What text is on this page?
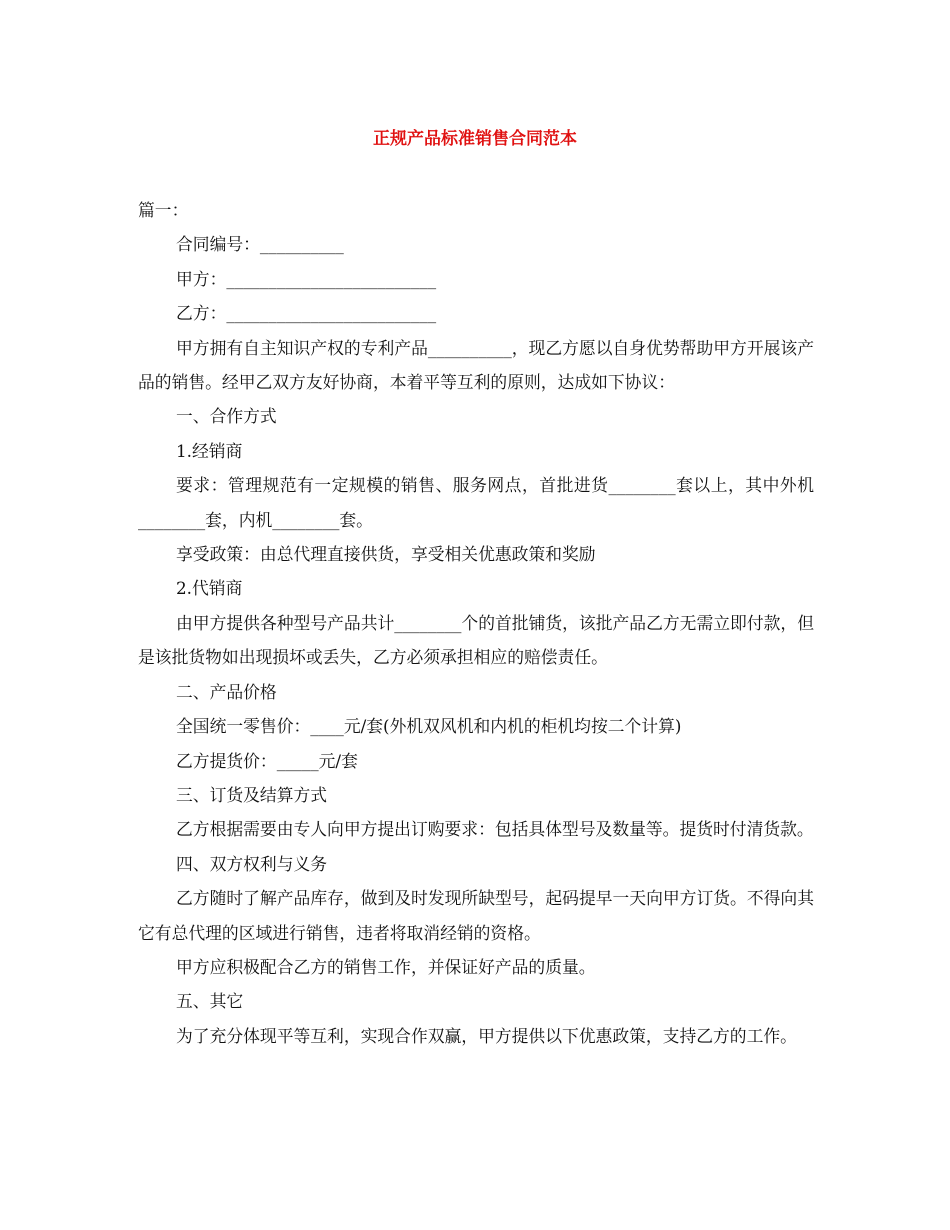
正规产品标准销售合同范本

篇一：

合同编号：__________

甲方：_________________________

乙方：_________________________

甲方拥有自主知识产权的专利产品__________，现乙方愿以自身优势帮助甲方开展该产品的销售。经甲乙双方友好协商，本着平等互利的原则，达成如下协议：

一、合作方式

1.经销商

要求：管理规范有一定规模的销售、服务网点，首批进货________套以上，其中外机________套，内机________套。

享受政策：由总代理直接供货，享受相关优惠政策和奖励

2.代销商

由甲方提供各种型号产品共计________个的首批铺货，该批产品乙方无需立即付款，但是该批货物如出现损坏或丢失，乙方必须承担相应的赔偿责任。

二、产品价格

全国统一零售价：____元/套(外机双风机和内机的柜机均按二个计算)

乙方提货价：_____元/套

三、订货及结算方式

乙方根据需要由专人向甲方提出订购要求：包括具体型号及数量等。提货时付清货款。

四、双方权利与义务

乙方随时了解产品库存，做到及时发现所缺型号，起码提早一天向甲方订货。不得向其它有总代理的区域进行销售，违者将取消经销的资格。

甲方应积极配合乙方的销售工作，并保证好产品的质量。

五、其它

为了充分体现平等互利，实现合作双赢，甲方提供以下优惠政策，支持乙方的工作。
